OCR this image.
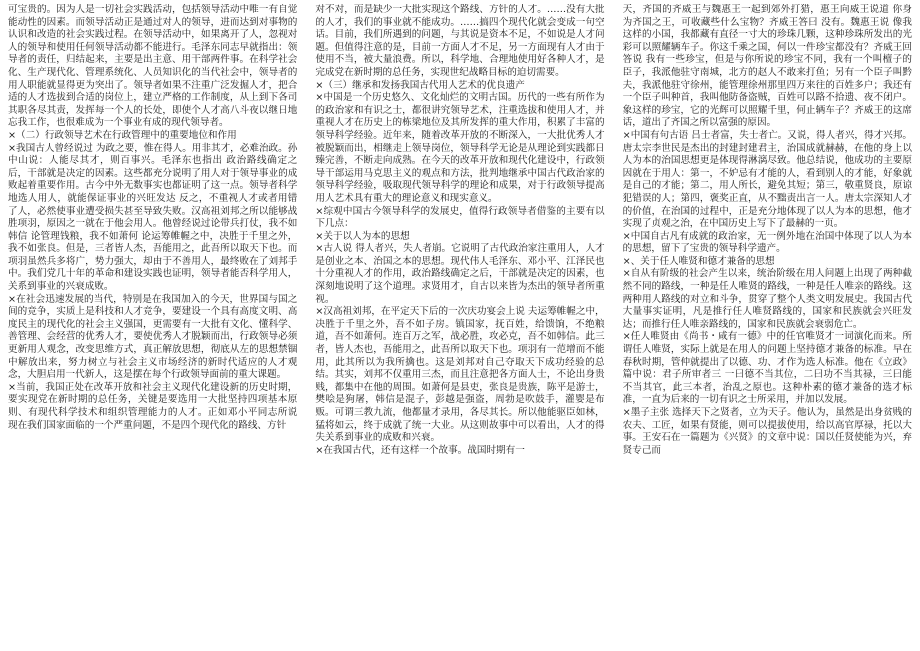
可宝贵的。因为人是一切社会实践活动，包括领导活动中唯一有自觉能动性的因素。而领导活动正是通过对人的领导，进而达到对事物的认识和改造的社会实践过程。在领导活动中，如果离开了人，忽视对人的领导和使用任何领导活动都不能进行。毛泽东同志早就指出：领导者的责任，归结起来，主要是出主意、用干部两件事。在科学社会化、生产现代化、管理系统化、人员知识化的当代社会中，领导者的用人职能就显得更为突出了。领导者如果不注重广泛发掘人才，把合适的人才选拔到合适的岗位上，建立严格的工作制度，从上到下各司其职各尽其责，发挥每一个人的长处，即使个人才高八斗夜以继日地忘我工作，也很难成为一个事业有成的现代领导者。

×（二）行政领导艺术在行政管理中的重要地位和作用

×我国古人曾经说过 为政之要，惟在得人。用非其才，必难治政。孙中山说：人能尽其才，则百事兴。毛泽东也指出 政治路线确定之后，干部就是决定的因素。这些都充分说明了用人对于领导事业的成败起着重要作用。古今中外无数事实也都证明了这一点。领导者科学地选人用人，就能保证事业的兴旺发达 反之，不重视人才或者用错了人，必然使事业遭受损失甚至导致失败。汉高祖刘邦之所以能够战胜项羽，原因之一就在于他会用人。他曾经说过论带兵打仗，我不如韩信 论管理钱粮，我不如萧何 论运筹帷幄之中，决胜于千里之外，我不如张良。但是，三者皆人杰，吾能用之，此吾所以取天下也。而项羽虽然兵多将广，势力强大，却由于不善用人，最终败在了刘邦手中。我们党几十年的革命和建设实践也证明，领导者能否科学用人，关系到事业的兴衰成败。

×在社会迅速发展的当代，特别是在我国加入的今天，世界国与国之间的竞争，实质上是科技和人才竞争，要建设一个具有高度文明、高度民主的现代化的社会主义强国，更需要有一大批有文化、懂科学、善管理、会经营的优秀人才，要使优秀人才脱颖而出，行政领导必须更新用人观念，改变思维方式，真正解放思想，彻底从左的思想禁锢中解放出来，努力树立与社会主义市场经济的新时代适应的人才观念，大胆启用一代新人，这是摆在每个行政领导面前的重大课题。

×当前，我国正处在改革开放和社会主义现代化建设新的历史时期，要实现党在新时期的总任务，关键是要选用一大批坚持四项基本原则、有现代科学技术和组织管理能力的人才。正如邓小平同志所说 现在我们国家面临的一个严重问题，不是四个现代化的路线、方针

对不对，而是缺少一大批实现这个路线、方针的人才。……没有大批的人才，我们的事业就不能成功。……搞四个现代化就会变成一句空话。目前，我们所遇到的问题，与其说是资本不足，不如说是人才问题。但值得注意的是，目前一方面人才不足，另一方面现有人才由于使用不当，被大量浪费。所以，科学地、合理地使用好各种人才，是完成党在新时期的总任务，实现世纪战略目标的迫切需要。

×（三）继承和发扬我国古代用人艺术的优良遗产

×中国是一个历史悠久、文化灿烂的文明古国。历代的一些有所作为的政治家和有识之士，都很讲究领导艺术，注重选拔和使用人才，并重视人才在历史上的栋梁地位及其所发挥的重大作用，积累了丰富的领导科学经验。近年来，随着改革开放的不断深入，一大批优秀人才被脱颖而出，相继走上领导岗位，领导科学无论是从理论到实践都日臻完善，不断走向成熟。在今天的改革开放和现代化建设中，行政领导干部运用马克思主义的观点和方法，批判地继承中国古代政治家的领导科学经验，吸取现代领导科学的理论和成果，对于行政领导提高用人艺术具有重大的理论意义和现实意义。

×综观中国古今领导科学的发展史，值得行政领导者借鉴的主要有以下几点：

×关于以人为本的思想

×古人说 得人者兴，失人者崩。它说明了古代政治家注重用人，人才是创业之本、治国之本的思想。现代伟人毛泽东、邓小平、江泽民也十分重视人才的作用，政治路线确定之后，干部就是决定的因素，也深刻地说明了这个道理。求贤用才，自古以来皆为杰出的领导者所重视。

×汉高祖刘邦，在平定天下后的一次庆功宴会上说 夫运筹帷幄之中，决胜于千里之外，吾不如子房。镇国家，抚百姓，给馈饷，不绝粮道，吾不如萧何。连百万之军，战必胜，攻必克，吾不如韩信。此三者，皆人杰也，吾能用之，此吾所以取天下也。项羽有一范增而不能用，此其所以为我所擒也。这是刘邦对自己夺取天下成功经验的总结。其实，刘邦不仅重用三杰，而且注意把各方面人士，不论出身贵贱，都集中在他的周围。如萧何是县吏，张良是贵族，陈平是游士，樊哙是狗屠，韩信是混子，彭越是强盗，周勃是吹鼓手，灌婴是布贩。可谓三教九流，他都量才录用，各尽其长。所以他能驱臣如林，猛将如云，终于成就了统一大业。从这则故事中可以看出，人才的得失关系到事业的成败和兴衰。

×在我国古代，还有这样一个故事。战国时期有一

天，齐国的齐威王与魏惠王一起到郊外打猎，惠王向威王说道 你身为齐国之王，可收藏些什么宝物？齐威王答曰 没有。魏惠王说 像我这样的小国，我都藏有直径一寸大的珍珠几颗，这种珍珠所发出的光彩可以照耀辆车子。你这千乘之国，何以一件珍宝都没有？齐威王回答说 我有一些珍宝，但是与你所说的珍宝不同，我有一个叫檀子的臣子，我派他驻守南城，北方的赵人不敢来打鱼；另有一个臣子叫黔夫，我派他驻守徐州，能管理徐州那里四万来往的百姓多户；我还有一个臣子叫种首，我叫他防备盗贼，百姓可以路不拾遗、夜不闭户。象这样的珍宝，它的光辉可以照耀千里，何止辆车子？齐威王的这席话，道出了齐国之所以富强的原因。

×中国有句古语 吕士者富，失士者亡。又说，得人者兴，得才兴邦。唐太宗李世民是杰出的封建封建君主，治国成就赫赫，在他的身上以人为本的治国思想更是体现得淋漓尽致。他总结说，他成功的主要原因就在于用人：第一，不妒忌有才能的人，看到别人的才能，好象就是自己的才能；第二，用人所长，避免其短；第三，敬重贤良，原谅犯错误的人；第四，褒奖正直，从不黜责出言一人。唐太宗深知人才的价值，在治国的过程中，正是充分地体现了以人为本的思想，他才实现了贞观之治，在中国历史上写下了最赫的一页。

×中国自古凡有成就的政治家，无一例外地在治国中体现了以人为本的思想，留下了宝贵的领导科学遗产。

×、关于任人唯贤和德才兼备的思想

×自从有阶级的社会产生以来，统治阶级在用人问题上出现了两种截然不同的路线，一种是任人唯贤的路线，一种是任人唯亲的路线。这两种用人路线的对立和斗争，贯穿了整个人类文明发展史。我国古代大量事实证明，凡是推行任人唯贤路线的，国家和民族就会兴旺发达；而推行任人唯亲路线的，国家和民族就会衰弱危亡。

×任人唯贤由《尚书・咸有一德》中的任官唯贤才一词演化而来。所谓任人唯贤，实际上就是在用人的问题上坚持德才兼备的标准。早在春秋时期，管仲就提出了以德、功、才作为选人标准。他在《立政》篇中说：君子所审者三 一曰德不当其位，二曰功不当其禄，三曰能不当其官，此三本者，治乱之原也。这种朴素的德才兼备的选才标准，一直为后来的一切有识之士所采用，并加以发展。

×墨子主张 选择天下之贤者，立为天子。他认为，虽然是出身贫贱的农夫、工匠，如果有贤能，则可以提拔使用，给以高官厚禄，托以大事。王安石在一篇题为《兴贤》的文章中说：国以任贤使能为兴，弃贤专己而
